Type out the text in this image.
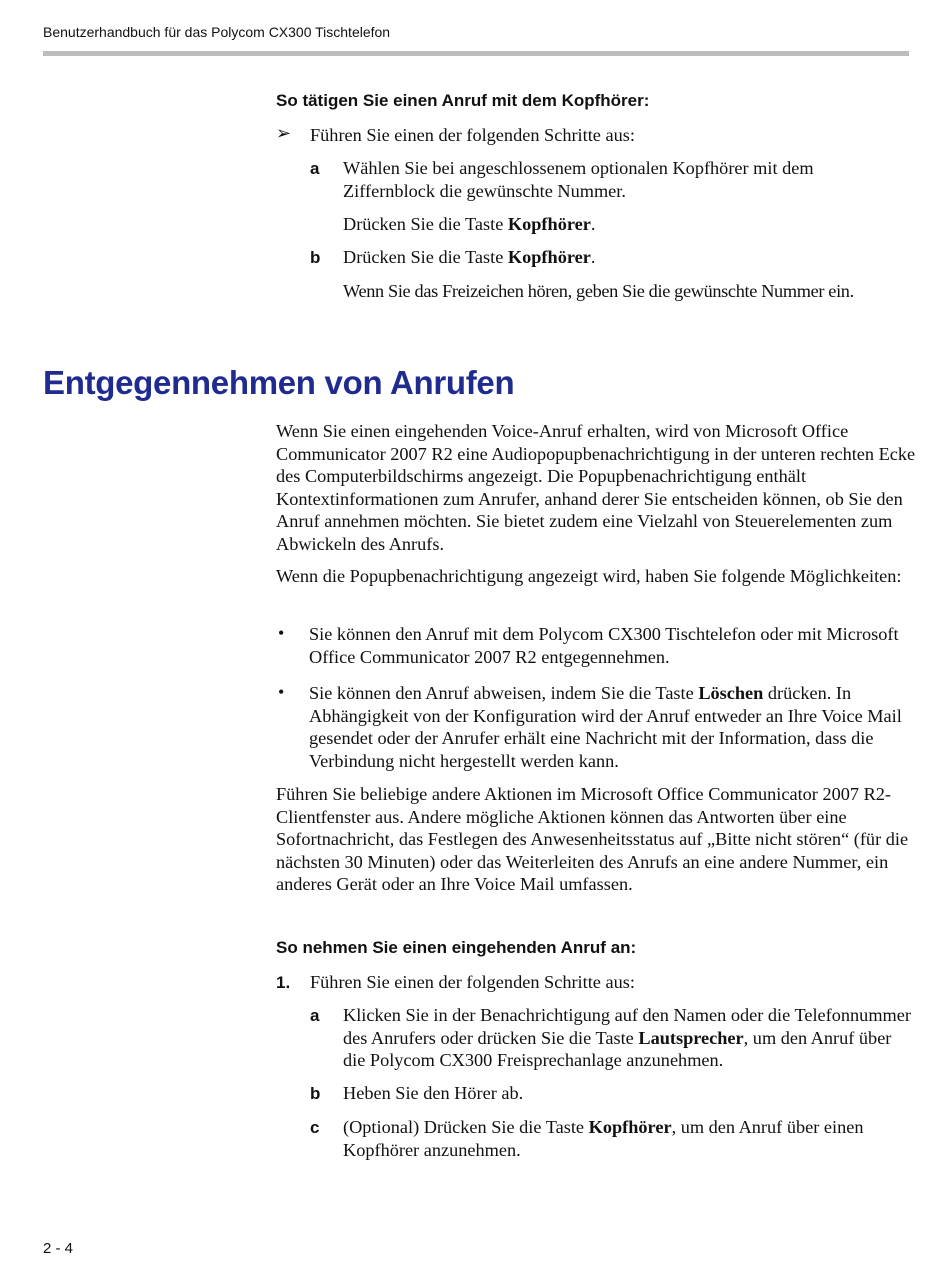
Benutzerhandbuch für das Polycom CX300 Tischtelefon
So tätigen Sie einen Anruf mit dem Kopfhörer:
➢ Führen Sie einen der folgenden Schritte aus:

a Wählen Sie bei angeschlossenem optionalen Kopfhörer mit dem

Ziffernblock die gewünschte Nummer.

Drücken Sie die Taste Kopfhörer.

b Drücken Sie die Taste Kopfhörer.

Wenn Sie das Freizeichen hören, geben Sie die gewünschte Nummer ein.

Entgegennehmen von Anrufen

Wenn Sie einen eingehenden Voice-Anruf erhalten, wird von Microsoft Office Communicator 2007 R2 eine Audiopopupbenachrichtigung in der unteren rechten Ecke des Computerbildschirms angezeigt. Die Popupbenachrichtigung enthält Kontextinformationen zum Anrufer, anhand derer Sie entscheiden können, ob Sie den Anruf annehmen möchten. Sie bietet zudem eine Vielzahl von Steuerelementen zum Abwickeln des Anrufs.

Wenn die Popupbenachrichtigung angezeigt wird, haben Sie folgende Möglichkeiten:

• Sie können den Anruf mit dem Polycom CX300 Tischtelefon oder mit Microsoft Office Communicator 2007 R2 entgegennehmen.

• Sie können den Anruf abweisen, indem Sie die Taste Löschen drücken. In Abhängigkeit von der Konfiguration wird der Anruf entweder an Ihre Voice Mail gesendet oder der Anrufer erhält eine Nachricht mit der Information, dass die Verbindung nicht hergestellt werden kann.

Führen Sie beliebige andere Aktionen im Microsoft Office Communicator 2007 R2-Clientfenster aus. Andere mögliche Aktionen können das Antworten über eine Sofortnachricht, das Festlegen des Anwesenheitsstatus auf „Bitte nicht stören“ (für die nächsten 30 Minuten) oder das Weiterleiten des Anrufs an eine andere Nummer, ein anderes Gerät oder an Ihre Voice Mail umfassen.

So nehmen Sie einen eingehenden Anruf an:
1. Führen Sie einen der folgenden Schritte aus:

a Klicken Sie in der Benachrichtigung auf den Namen oder die Telefonnummer des Anrufers oder drücken Sie die Taste Lautsprecher, um den Anruf über die Polycom CX300 Freisprechanlage anzunehmen.

b Heben Sie den Hörer ab.

c (Optional) Drücken Sie die Taste Kopfhörer, um den Anruf über einen Kopfhörer anzunehmen.

2 - 4
